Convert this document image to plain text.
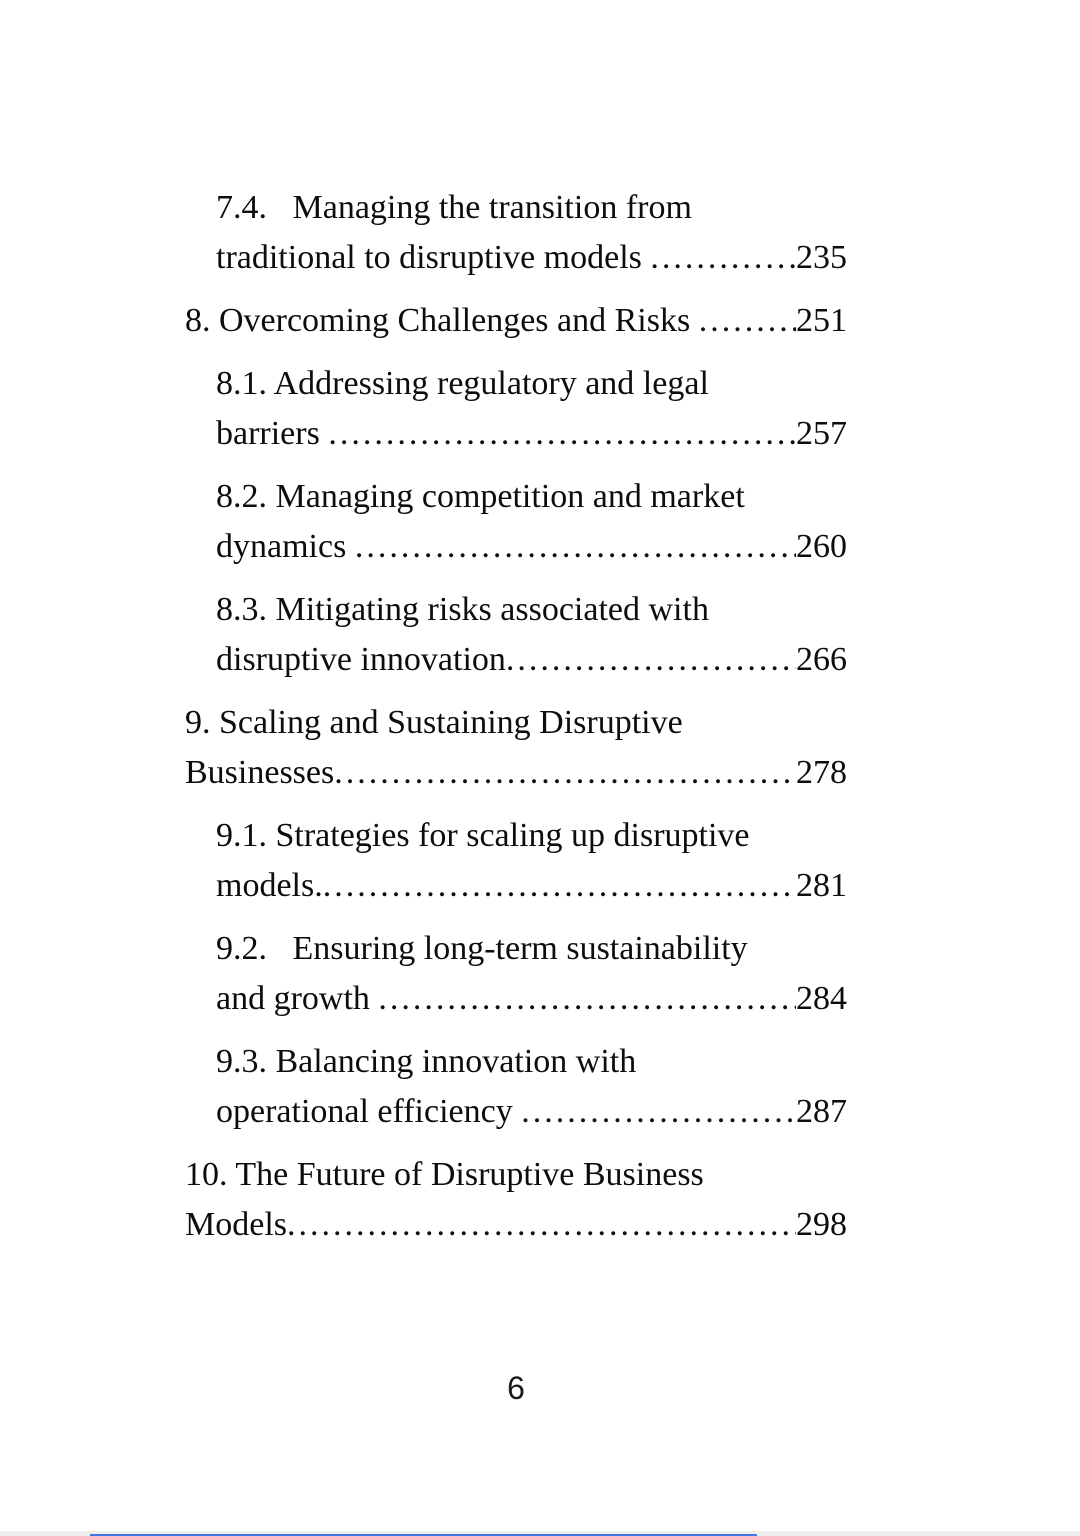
7.4.   Managing the transition from
traditional to disruptive models .....	235
8. Overcoming Challenges and Risks .....	251
8.1. Addressing regulatory and legal
barriers .....	257
8.2. Managing competition and market
dynamics .....	260
8.3. Mitigating risks associated with
disruptive innovation .....	266
9. Scaling and Sustaining Disruptive
Businesses .....	278
9.1. Strategies for scaling up disruptive
models. .....	281
9.2.   Ensuring long-term sustainability
and growth .....	284
9.3. Balancing innovation with
operational efficiency .....	287
10. The Future of Disruptive Business
Models .....	298
6
